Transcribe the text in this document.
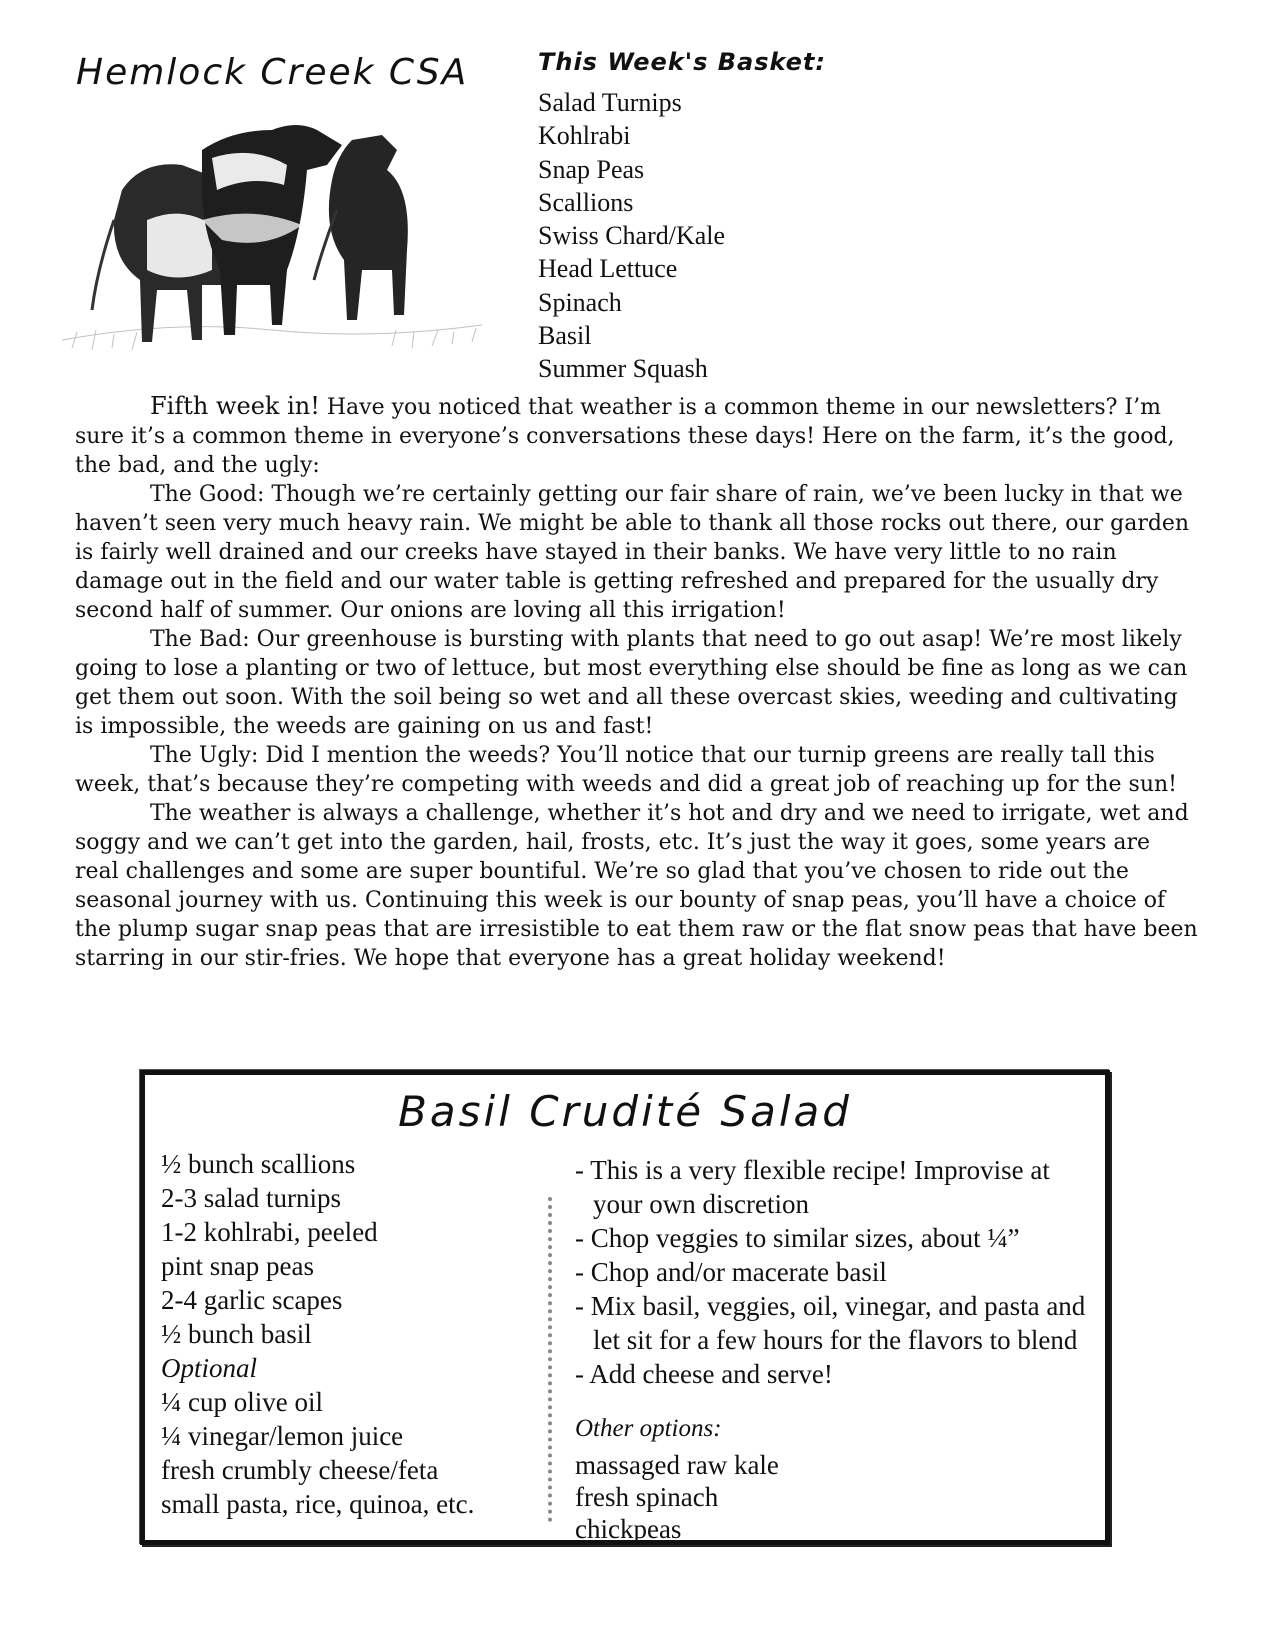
Hemlock Creek CSA	This Week's Basket:
Salad Turnips
Kohlrabi
Snap Peas
Scallions
Swiss Chard/Kale
Head Lettuce
Spinach
Basil
Summer Squash

Fifth week in! Have you noticed that weather is a common theme in our newsletters? I’m sure it’s a common theme in everyone’s conversations these days! Here on the farm, it’s the good, the bad, and the ugly:

The Good: Though we’re certainly getting our fair share of rain, we’ve been lucky in that we haven’t seen very much heavy rain. We might be able to thank all those rocks out there, our garden is fairly well drained and our creeks have stayed in their banks. We have very little to no rain damage out in the field and our water table is getting refreshed and prepared for the usually dry second half of summer. Our onions are loving all this irrigation!

The Bad: Our greenhouse is bursting with plants that need to go out asap! We’re most likely going to lose a planting or two of lettuce, but most everything else should be fine as long as we can get them out soon. With the soil being so wet and all these overcast skies, weeding and cultivating is impossible, the weeds are gaining on us and fast!

The Ugly: Did I mention the weeds? You’ll notice that our turnip greens are really tall this week, that’s because they’re competing with weeds and did a great job of reaching up for the sun!

The weather is always a challenge, whether it’s hot and dry and we need to irrigate, wet and soggy and we can’t get into the garden, hail, frosts, etc. It’s just the way it goes, some years are real challenges and some are super bountiful. We’re so glad that you’ve chosen to ride out the seasonal journey with us. Continuing this week is our bounty of snap peas, you’ll have a choice of the plump sugar snap peas that are irresistible to eat them raw or the flat snow peas that have been starring in our stir-fries. We hope that everyone has a great holiday weekend!

Basil Crudité Salad
½ bunch scallions
2-3 salad turnips
1-2 kohlrabi, peeled
pint snap peas
2-4 garlic scapes
½ bunch basil
Optional
¼ cup olive oil
¼ vinegar/lemon juice
fresh crumbly cheese/feta
small pasta, rice, quinoa, etc.
- This is a very flexible recipe! Improvise at your own discretion
- Chop veggies to similar sizes, about ¼”
- Chop and/or macerate basil
- Mix basil, veggies, oil, vinegar, and pasta and let sit for a few hours for the flavors to blend
- Add cheese and serve!

Other options:

massaged raw kale
fresh spinach
chickpeas
